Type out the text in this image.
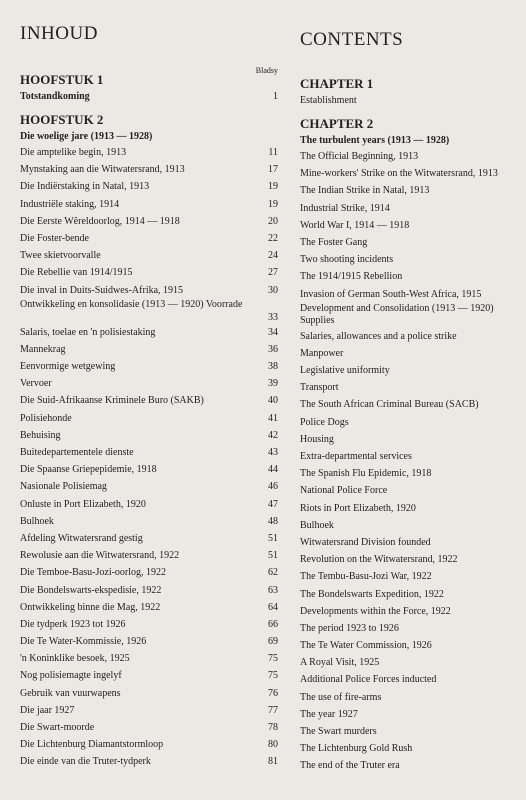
INHOUD
Bladsy
HOOFSTUK 1
Totstandkoming	1
HOOFSTUK 2
Die woelige jare (1913 — 1928)
Die amptelike begin, 1913	11
Mynstaking aan die Witwatersrand, 1913	17
Die Indiërstaking in Natal, 1913	19
Industriële staking, 1914	19
Die Eerste Wêreldoorlog, 1914 — 1918	20
Die Foster-bende	22
Twee skietvoorvalle	24
Die Rebellie van 1914/1915	27
Die inval in Duits-Suidwes-Afrika, 1915	30
Ontwikkeling en konsolidasie (1913 — 1920) Voorrade
33
Salaris, toelae en 'n polisiestaking	34
Mannekrag	36
Eenvormige wetgewing	38
Vervoer	39
Die Suid-Afrikaanse Kriminele Buro (SAKB)	40
Polisiehonde	41
Behuising	42
Buitedepartementele dienste	43
Die Spaanse Griepepidemie, 1918	44
Nasionale Polisiemag	46
Onluste in Port Elizabeth, 1920	47
Bulhoek	48
Afdeling Witwatersrand gestig	51
Rewolusie aan die Witwatersrand, 1922	51
Die Temboe-Basu-Jozi-oorlog, 1922	62
Die Bondelswarts-ekspedisie, 1922	63
Ontwikkeling binne die Mag, 1922	64
Die tydperk 1923 tot 1926	66
Die Te Water-Kommissie, 1926	69
'n Koninklike besoek, 1925	75
Nog polisiemagte ingelyf	75
Gebruik van vuurwapens	76
Die jaar 1927	77
Die Swart-moorde	78
Die Lichtenburg Diamantstormloop	80
Die einde van die Truter-tydperk	81
CONTENTS
CHAPTER 1
Establishment
CHAPTER 2
The turbulent years (1913 — 1928)
The Official Beginning, 1913
Mine-workers' Strike on the Witwatersrand, 1913
The Indian Strike in Natal, 1913
Industrial Strike, 1914
World War I, 1914 — 1918
The Foster Gang
Two shooting incidents
The 1914/1915 Rebellion
Invasion of German South-West Africa, 1915
Development and Consolidation (1913 — 1920) Supplies
Salaries, allowances and a police strike
Manpower
Legislative uniformity
Transport
The South African Criminal Bureau (SACB)
Police Dogs
Housing
Extra-departmental services
The Spanish Flu Epidemic, 1918
National Police Force
Riots in Port Elizabeth, 1920
Bulhoek
Witwatersrand Division founded
Revolution on the Witwatersrand, 1922
The Tembu-Basu-Jozi War, 1922
The Bondelswarts Expedition, 1922
Developments within the Force, 1922
The period 1923 to 1926
The Te Water Commission, 1926
A Royal Visit, 1925
Additional Police Forces inducted
The use of fire-arms
The year 1927
The Swart murders
The Lichtenburg Gold Rush
The end of the Truter era
